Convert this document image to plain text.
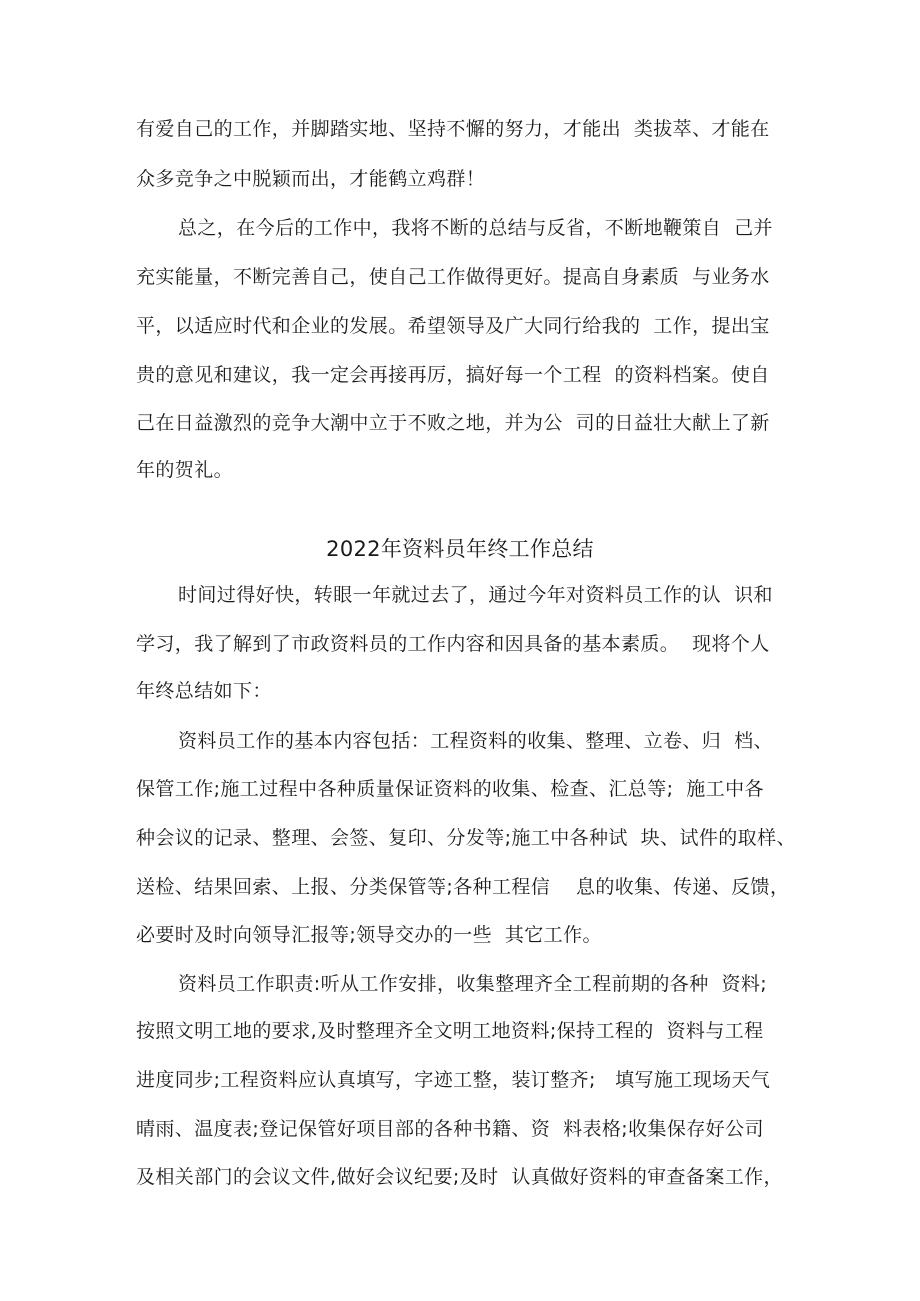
有爱自己的工作，并脚踏实地、坚持不懈的努力，才能出  类拔萃、才能在
众多竞争之中脱颖而出，才能鹤立鸡群！
总之，在今后的工作中，我将不断的总结与反省，不断地鞭策自  己并
充实能量，不断完善自己，使自己工作做得更好。提高自身素质  与业务水
平，以适应时代和企业的发展。希望领导及广大同行给我的  工作，提出宝
贵的意见和建议，我一定会再接再厉，搞好每一个工程  的资料档案。使自
己在日益激烈的竞争大潮中立于不败之地，并为公  司的日益壮大献上了新
年的贺礼。
2022年资料员年终工作总结
时间过得好快，转眼一年就过去了，通过今年对资料员工作的认  识和
学习，我了解到了市政资料员的工作内容和因具备的基本素质。  现将个人
年终总结如下：
资料员工作的基本内容包括：工程资料的收集、整理、立卷、归  档、
保管工作;施工过程中各种质量保证资料的收集、检查、汇总等;  施工中各
种会议的记录、整理、会签、复印、分发等;施工中各种试  块、试件的取样、
送检、结果回索、上报、分类保管等;各种工程信    息的收集、传递、反馈，
必要时及时向领导汇报等;领导交办的一些  其它工作。
资料员工作职责:听从工作安排，收集整理齐全工程前期的各种  资料;
按照文明工地的要求,及时整理齐全文明工地资料;保持工程的  资料与工程
进度同步;工程资料应认真填写，字迹工整，装订整齐;   填写施工现场天气
晴雨、温度表;登记保管好项目部的各种书籍、资  料表格;收集保存好公司
及相关部门的会议文件,做好会议纪要;及时  认真做好资料的审查备案工作，
